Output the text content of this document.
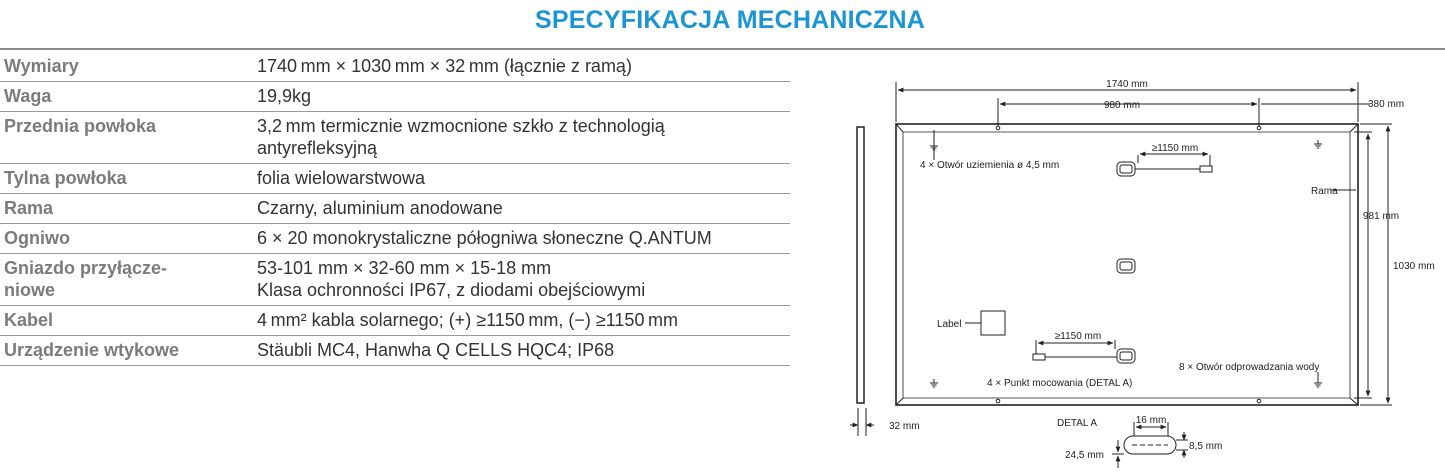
SPECYFIKACJA MECHANICZNA
Wymiary	1740 mm × 1030 mm × 32 mm (łącznie z ramą)

Waga	19,9kg

Przednia powłoka	3,2 mm termicznie wzmocnione szkło z technologią
antyrefleksyjną

Tylna powłoka	folia wielowarstwowa

Rama	Czarny, aluminium anodowane

Ogniwo	6 × 20 monokrystaliczne półogniwa słoneczne Q.ANTUM

Gniazdo przyłącze-
niowe	53-101 mm × 32-60 mm × 15-18 mm
Klasa ochronności IP67, z diodami obejściowymi

Kabel	4 mm² kabla solarnego; (+) ≥1150 mm, (−) ≥1150 mm

Urządzenie wtykowe	Stäubli MC4, Hanwha Q CELLS HQC4; IP68
1740 mm
980 mm	380 mm
≥1150 mm
4 × Otwór uziemienia ø 4,5 mm
Rama
981 mm
1030 mm
Label
≥1150 mm
8 × Otwór odprowadzania wody
4 × Punkt mocowania (DETAL A)
32 mm	DETAL A	16 mm
8,5 mm
24,5 mm
